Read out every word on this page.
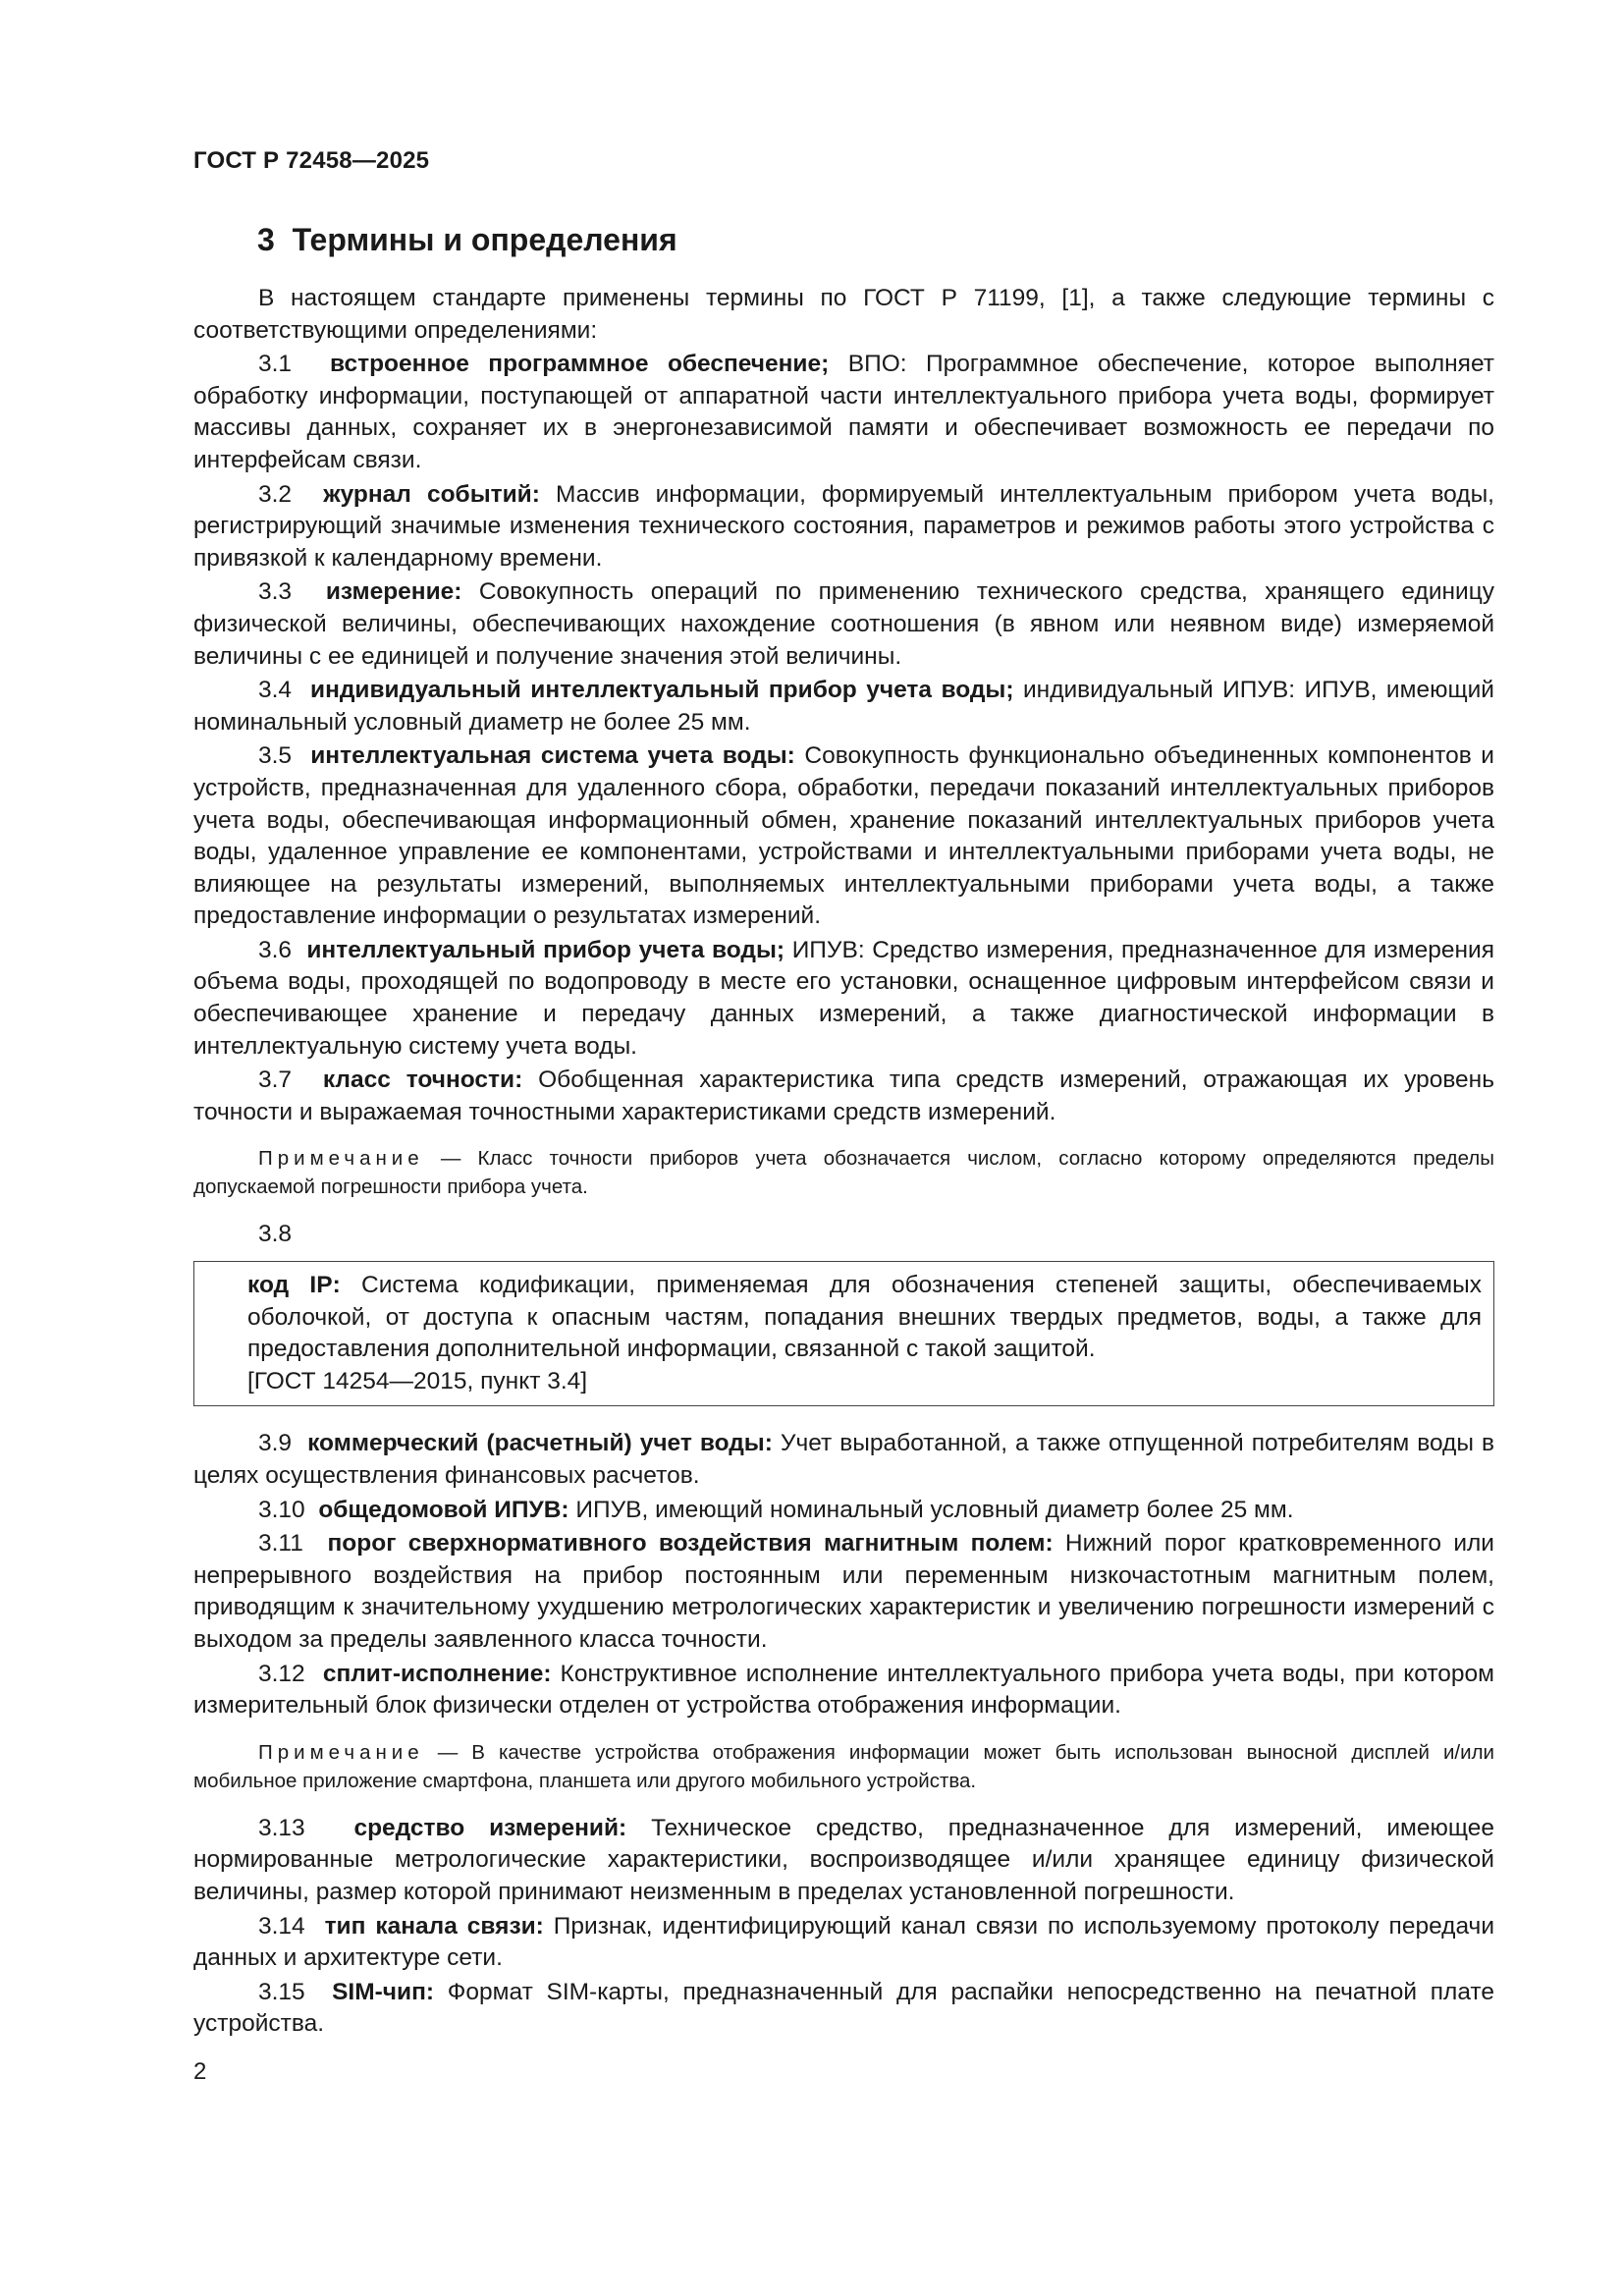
ГОСТ Р 72458—2025
3 Термины и определения

В настоящем стандарте применены термины по ГОСТ Р 71199, [1], а также следующие термины с соответствующими определениями:

3.1 встроенное программное обеспечение; ВПО: Программное обеспечение, которое выполняет обработку информации, поступающей от аппаратной части интеллектуального прибора учета воды, формирует массивы данных, сохраняет их в энергонезависимой памяти и обеспечивает возможность ее передачи по интерфейсам связи.

3.2 журнал событий: Массив информации, формируемый интеллектуальным прибором учета воды, регистрирующий значимые изменения технического состояния, параметров и режимов работы этого устройства с привязкой к календарному времени.

3.3 измерение: Совокупность операций по применению технического средства, хранящего единицу физической величины, обеспечивающих нахождение соотношения (в явном или неявном виде) измеряемой величины с ее единицей и получение значения этой величины.

3.4 индивидуальный интеллектуальный прибор учета воды; индивидуальный ИПУВ: ИПУВ, имеющий номинальный условный диаметр не более 25 мм.

3.5 интеллектуальная система учета воды: Совокупность функционально объединенных компонентов и устройств, предназначенная для удаленного сбора, обработки, передачи показаний интеллектуальных приборов учета воды, обеспечивающая информационный обмен, хранение показаний интеллектуальных приборов учета воды, удаленное управление ее компонентами, устройствами и интеллектуальными приборами учета воды, не влияющее на результаты измерений, выполняемых интеллектуальными приборами учета воды, а также предоставление информации о результатах измерений.

3.6 интеллектуальный прибор учета воды; ИПУВ: Средство измерения, предназначенное для измерения объема воды, проходящей по водопроводу в месте его установки, оснащенное цифровым интерфейсом связи и обеспечивающее хранение и передачу данных измерений, а также диагностической информации в интеллектуальную систему учета воды.

3.7 класс точности: Обобщенная характеристика типа средств измерений, отражающая их уровень точности и выражаемая точностными характеристиками средств измерений.

Примечание — Класс точности приборов учета обозначается числом, согласно которому определяются пределы допускаемой погрешности прибора учета.

3.8

код IP: Система кодификации, применяемая для обозначения степеней защиты, обеспечиваемых оболочкой, от доступа к опасным частям, попадания внешних твердых предметов, воды, а также для предоставления дополнительной информации, связанной с такой защитой.

[ГОСТ 14254—2015, пункт 3.4]

3.9 коммерческий (расчетный) учет воды: Учет выработанной, а также отпущенной потребителям воды в целях осуществления финансовых расчетов.

3.10 общедомовой ИПУВ: ИПУВ, имеющий номинальный условный диаметр более 25 мм.

3.11 порог сверхнормативного воздействия магнитным полем: Нижний порог кратковременного или непрерывного воздействия на прибор постоянным или переменным низкочастотным магнитным полем, приводящим к значительному ухудшению метрологических характеристик и увеличению погрешности измерений с выходом за пределы заявленного класса точности.

3.12 сплит-исполнение: Конструктивное исполнение интеллектуального прибора учета воды, при котором измерительный блок физически отделен от устройства отображения информации.

Примечание — В качестве устройства отображения информации может быть использован выносной дисплей и/или мобильное приложение смартфона, планшета или другого мобильного устройства.

3.13 средство измерений: Техническое средство, предназначенное для измерений, имеющее нормированные метрологические характеристики, воспроизводящее и/или хранящее единицу физической величины, размер которой принимают неизменным в пределах установленной погрешности.

3.14 тип канала связи: Признак, идентифицирующий канал связи по используемому протоколу передачи данных и архитектуре сети.

3.15 SIM-чип: Формат SIM-карты, предназначенный для распайки непосредственно на печатной плате устройства.

2
